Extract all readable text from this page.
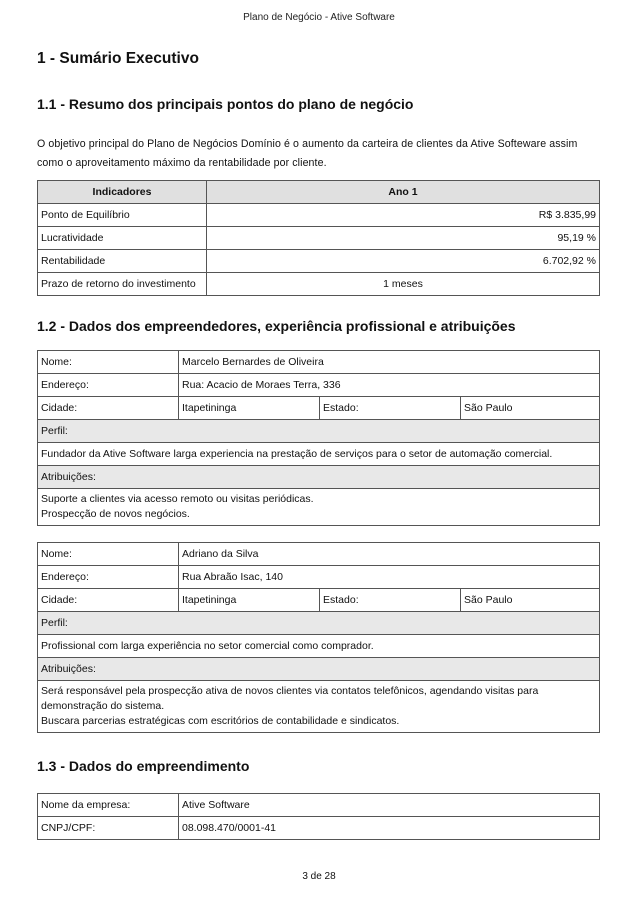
Plano de Negócio - Ative Software
1 - Sumário Executivo
1.1 - Resumo dos principais pontos do plano de negócio
O objetivo principal do Plano de Negócios Domínio é o aumento da carteira de clientes da Ative Softeware assim como o aproveitamento máximo da rentabilidade por cliente.
Indicadores	Ano 1
Ponto de Equilíbrio	R$ 3.835,99
Lucratividade	95,19 %
Rentabilidade	6.702,92 %
Prazo de retorno do investimento	1 meses
1.2 - Dados dos empreendedores, experiência profissional e atribuições
Nome:	Marcelo Bernardes de Oliveira		
Endereço:	Rua: Acacio de Moraes Terra, 336		
Cidade:	Itapetininga	Estado:	São Paulo
Perfil:			
Fundador da Ative Software larga experiencia na prestação de serviços para o setor de automação comercial.			
Atribuições:			

Suporte a clientes via acesso remoto ou visitas periódicas.
Prospecção de novos negócios.			
Nome:	Adriano da Silva		
Endereço:	Rua Abraão Isac, 140		
Cidade:	Itapetininga	Estado:	São Paulo
Perfil:			
Profissional com larga experiência no setor comercial como comprador.			
Atribuições:			

Será responsável pela prospecção ativa de novos clientes via contatos telefônicos, agendando visitas para demonstração do sistema.
Buscara parcerias estratégicas com escritórios de contabilidade e sindicatos.			
1.3 - Dados do empreendimento
Nome da empresa:	Ative Software
CNPJ/CPF:	08.098.470/0001-41
3 de 28
